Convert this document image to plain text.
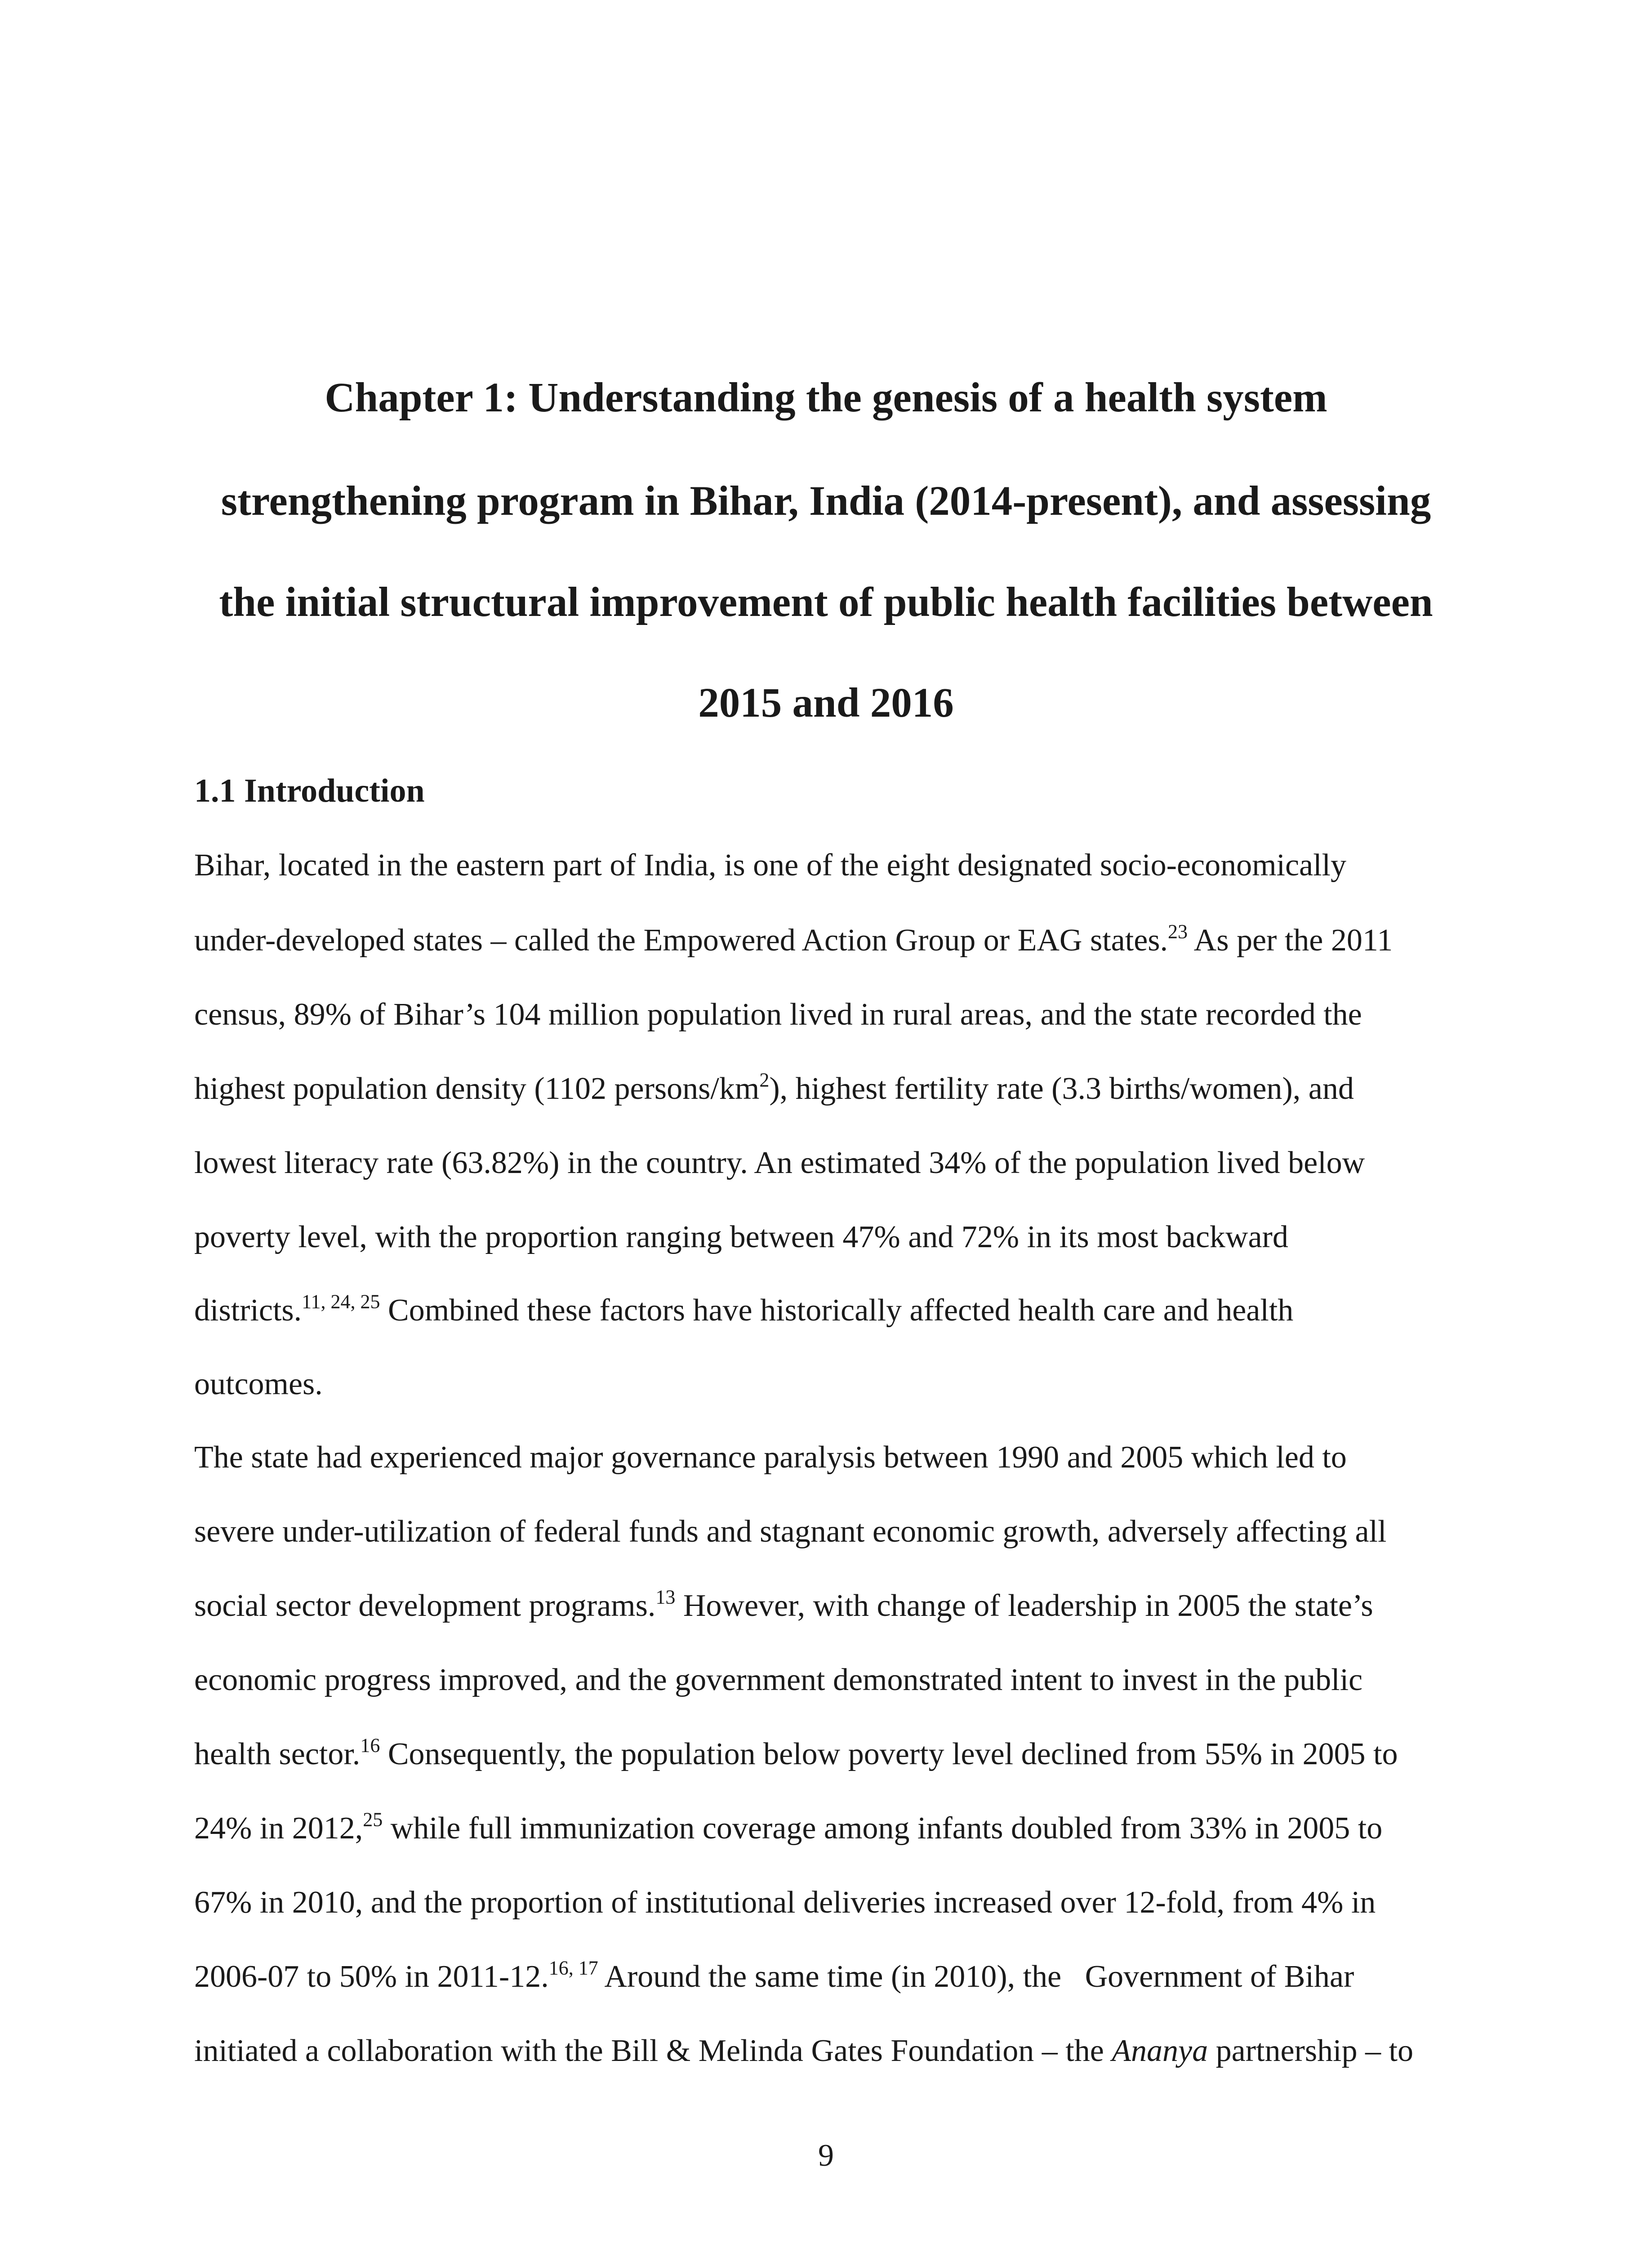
Chapter 1: Understanding the genesis of a health system
strengthening program in Bihar, India (2014-present), and assessing
the initial structural improvement of public health facilities between
2015 and 2016
1.1 Introduction
Bihar, located in the eastern part of India, is one of the eight designated socio-economically
under-developed states – called the Empowered Action Group or EAG states.$^{23}$ As per the 2011
census, 89% of Bihar’s 104 million population lived in rural areas, and the state recorded the
highest population density (1102 persons/$km^2$), highest fertility rate (3.3 births/women), and
lowest literacy rate (63.82%) in the country. An estimated 34% of the population lived below
poverty level, with the proportion ranging between 47% and 72% in its most backward
districts.$^{11, 24, 25}$ Combined these factors have historically affected health care and health
outcomes.
The state had experienced major governance paralysis between 1990 and 2005 which led to
severe under-utilization of federal funds and stagnant economic growth, adversely affecting all
social sector development programs.$^{13}$ However, with change of leadership in 2005 the state’s
economic progress improved, and the government demonstrated intent to invest in the public
health sector.$^{16}$ Consequently, the population below poverty level declined from 55% in 2005 to
24% in 2012,25 while full immunization coverage among infants doubled from 33% in 2005 to
67% in 2010, and the proportion of institutional deliveries increased over 12-fold, from 4% in
2006-07 to 50% in 2011-12.$^{16, 17}$ Around the same time (in 2010), the   Government of Bihar
initiated a collaboration with the Bill & Melinda Gates Foundation – the Ananya partnership – to
9
